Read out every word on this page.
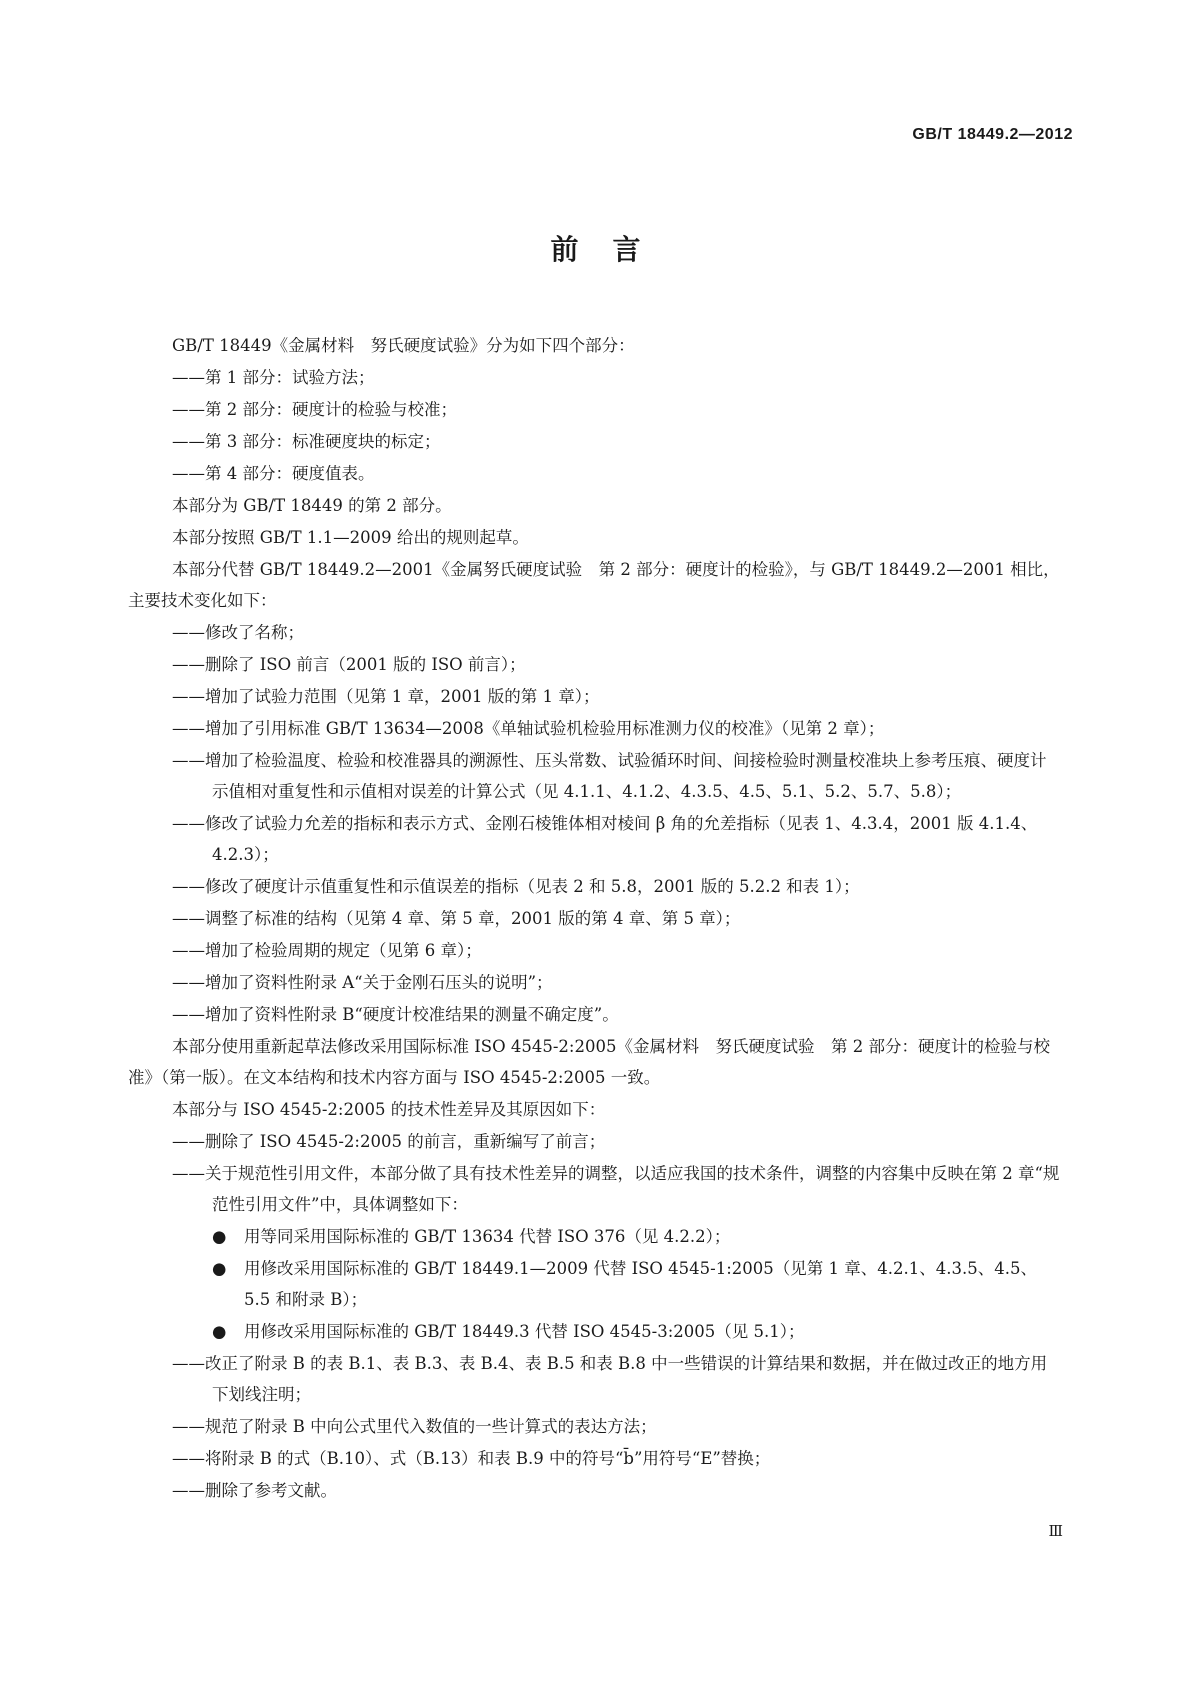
GB/T 18449.2—2012
前言
GB/T 18449《金属材料　努氏硬度试验》分为如下四个部分：
——第 1 部分：试验方法；
——第 2 部分：硬度计的检验与校准；
——第 3 部分：标准硬度块的标定；
——第 4 部分：硬度值表。
本部分为 GB/T 18449 的第 2 部分。
本部分按照 GB/T 1.1—2009 给出的规则起草。
本部分代替 GB/T 18449.2—2001《金属努氏硬度试验　第 2 部分：硬度计的检验》，与 GB/T 18449.2—2001 相比，主要技术变化如下：
——修改了名称；
——删除了 ISO 前言（2001 版的 ISO 前言）；
——增加了试验力范围（见第 1 章，2001 版的第 1 章）；
——增加了引用标准 GB/T 13634—2008《单轴试验机检验用标准测力仪的校准》（见第 2 章）；
——增加了检验温度、检验和校准器具的溯源性、压头常数、试验循环时间、间接检验时测量校准块上参考压痕、硬度计示值相对重复性和示值相对误差的计算公式（见 4.1.1、4.1.2、4.3.5、4.5、5.1、5.2、5.7、5.8）；
——修改了试验力允差的指标和表示方式、金刚石棱锥体相对棱间 β 角的允差指标（见表 1、4.3.4，2001 版 4.1.4、4.2.3）；
——修改了硬度计示值重复性和示值误差的指标（见表 2 和 5.8，2001 版的 5.2.2 和表 1）；
——调整了标准的结构（见第 4 章、第 5 章，2001 版的第 4 章、第 5 章）；
——增加了检验周期的规定（见第 6 章）；
——增加了资料性附录 A“关于金刚石压头的说明”；
——增加了资料性附录 B“硬度计校准结果的测量不确定度”。
本部分使用重新起草法修改采用国际标准 ISO 4545-2:2005《金属材料　努氏硬度试验　第 2 部分：硬度计的检验与校准》（第一版）。在文本结构和技术内容方面与 ISO 4545-2:2005 一致。
本部分与 ISO 4545-2:2005 的技术性差异及其原因如下：
——删除了 ISO 4545-2:2005 的前言，重新编写了前言；
——关于规范性引用文件，本部分做了具有技术性差异的调整，以适应我国的技术条件，调整的内容集中反映在第 2 章“规范性引用文件”中，具体调整如下：
● 用等同采用国际标准的 GB/T 13634 代替 ISO 376（见 4.2.2）；
● 用修改采用国际标准的 GB/T 18449.1—2009 代替 ISO 4545-1:2005（见第 1 章、4.2.1、4.3.5、4.5、5.5 和附录 B）；
● 用修改采用国际标准的 GB/T 18449.3 代替 ISO 4545-3:2005（见 5.1）；
——改正了附录 B 的表 B.1、表 B.3、表 B.4、表 B.5 和表 B.8 中一些错误的计算结果和数据，并在做过改正的地方用下划线注明；
——规范了附录 B 中向公式里代入数值的一些计算式的表达方法；
——将附录 B 的式（B.10）、式（B.13）和表 B.9 中的符号“b̄”用符号“E”替换；
——删除了参考文献。
Ⅲ
